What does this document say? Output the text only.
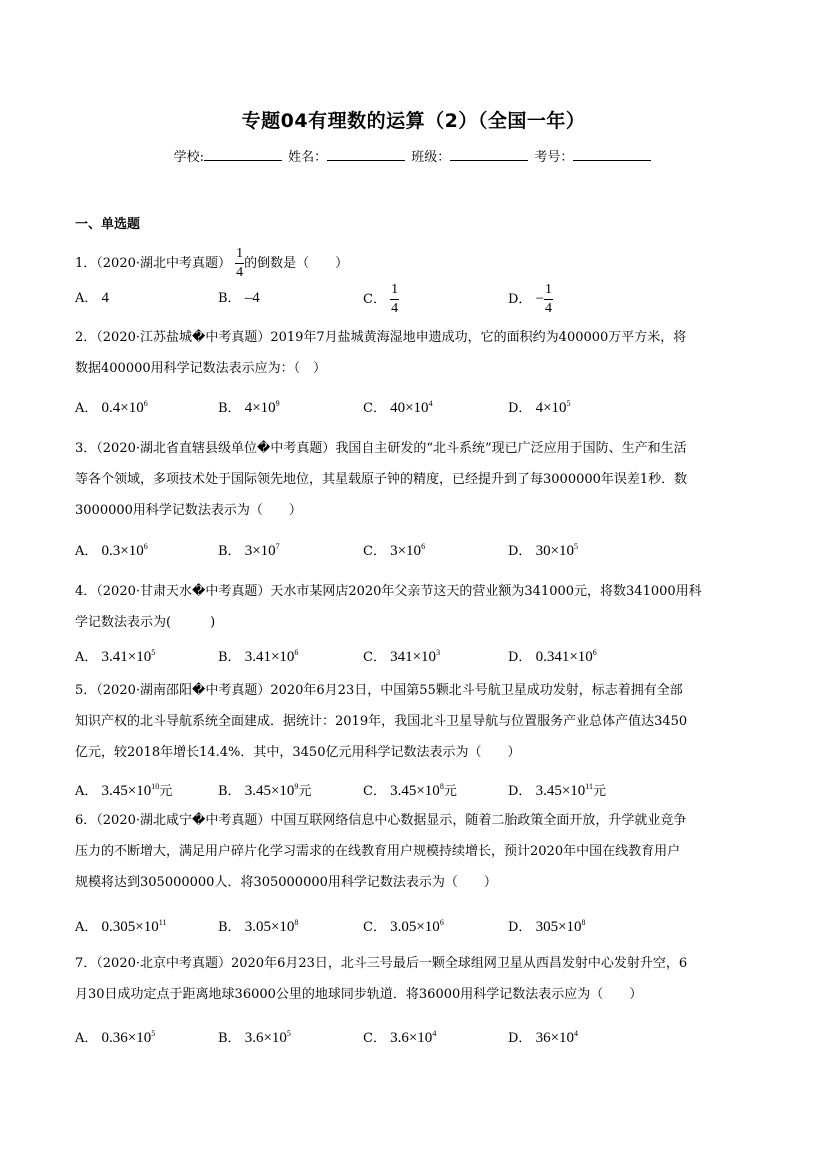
专题04有理数的运算（2）（全国一年）
学校:	姓名：	班级：	考号：
一、单选题
1．（2020·湖北中考真题） $\frac{1}{4}$ 的倒数是（　　）
A． 4	B． –4	C． $\frac{1}{4}$	D． − $\frac{1}{4}$
2．（2020·江苏盐城�中考真题）2019年7月盐城黄海湿地申遗成功，它的面积约为400000万平方米，将
数据400000用科学记数法表示应为：（　）
3．（2020·湖北省直辖县级单位�中考真题）我国自主研发的“北斗系统”现已广泛应用于国防、生产和生活
等各个领域，多项技术处于国际领先地位，其星载原子钟的精度，已经提升到了每3000000年误差1秒．数
3000000用科学记数法表示为（　　）
4．（2020·甘肃天水�中考真题）天水市某网店2020年父亲节这天的营业额为341000元，将数341000用科
学记数法表示为(　　　)
5．（2020·湖南邵阳�中考真题）2020年6月23日，中国第55颗北斗号航卫星成功发射，标志着拥有全部
知识产权的北斗导航系统全面建成．据统计：2019年，我国北斗卫星导航与位置服务产业总体产值达3450
亿元，较2018年增长14.4%．其中，3450亿元用科学记数法表示为（　　）
6．（2020·湖北咸宁�中考真题）中国互联网络信息中心数据显示，随着二胎政策全面开放，升学就业竞争
压力的不断增大，满足用户碎片化学习需求的在线教育用户规模持续增长，预计2020年中国在线教育用户
规模将达到305000000人．将305000000用科学记数法表示为（　　）
7．（2020·北京中考真题）2020年6月23日，北斗三号最后一颗全球组网卫星从西昌发射中心发射升空，6
月30日成功定点于距离地球36000公里的地球同步轨道．将36000用科学记数法表示应为（　　）
A． $0.4\times 10^6$	B． $4\times 10^9$	C． $40\times 10^4$	D． $4\times 10^5$
A． $0.3\times 10^6$	B． $3\times 10^7$	C． $3\times 10^6$	D． $30\times 10^5$
A． $3.41\times 10^5$	B． $3.41\times 10^6$	C． $341\times 10^3$	D． $0.341\times 10^6$
A． $3.45\times 10^{10}$元	B． $3.45\times 10^9$元	C． $3.45\times 10^8$元	D． $3.45\times 10^{11}$元
A． $0.305\times 10^{11}$	B． $3.05\times 10^8$	C． $3.05\times 10^6$	D． $305\times 10^8$
A． $0.36\times 10^5$	B． $3.6\times 10^5$	C． $3.6\times 10^4$	D． $36\times 10^4$
